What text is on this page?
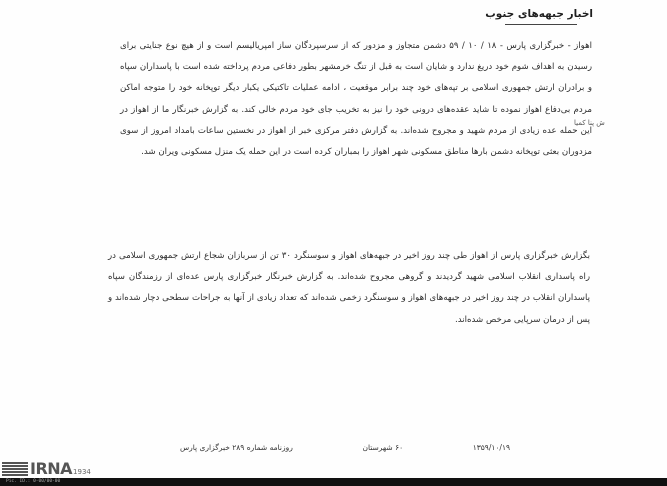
اخبار جبهه‌های جنوب
اهواز - خبرگزاری پارس - ۱۸ / ۱۰ / ۵۹ دشمن متجاوز و مزدور که از سرسپردگان ساز امپریالیسم است و از هیچ نوع جنایتی برای رسیدن به اهداف شوم خود دریغ ندارد و شایان است به قبل از تنگ خرمشهر بطور دفاعی مردم پرداخته شده است با پاسداران سپاه و برادران ارتش جمهوری اسلامی بر تپه‌های خود چند برابر موقعیت ، ادامه عملیات تاکتیکی یکبار دیگر توپخانه خود را متوجه اماکن مردم بی‌دفاع اهواز نموده تا شاید عقده‌های درونی خود را نیز به تخریب جای خود مردم خالی کند. به گزارش خبرنگار ما از اهواز در این حمله عده زیادی از مردم شهید و مجروح شده‌اند. به گزارش دفتر مرکزی خبر از اهواز در نخستین ساعات بامداد امروز از سوی مزدوران بعثی توپخانه دشمن بارها مناطق مسکونی شهر اهواز را بمباران کرده است در این حمله یک منزل مسکونی ویران شد.
ش پنا کمیا
بگزارش خبرگزاری پارس از اهواز طی چند روز اخیر در جبهه‌های اهواز و سوسنگرد ۳۰ تن از سربازان شجاع ارتش جمهوری اسلامی در راه پاسداری انقلاب اسلامی شهید گردیدند و گروهی مجروح شده‌اند. به گزارش خبرنگار خبرگزاری پارس عده‌ای از رزمندگان سپاه پاسداران انقلاب در چند روز اخیر در جبهه‌های اهواز و سوسنگرد زخمی شده‌اند که تعداد زیادی از آنها به جراحات سطحی دچار شده‌اند و پس از درمان سرپایی مرخص شده‌اند.
۱۳۵۹/۱۰/۱۹
۶۰ شهرستان
روزنامه شماره ۲۸۹ خبرگزاری پارس
IRNA 1934
Pic. ID.: 0-00/00-00
